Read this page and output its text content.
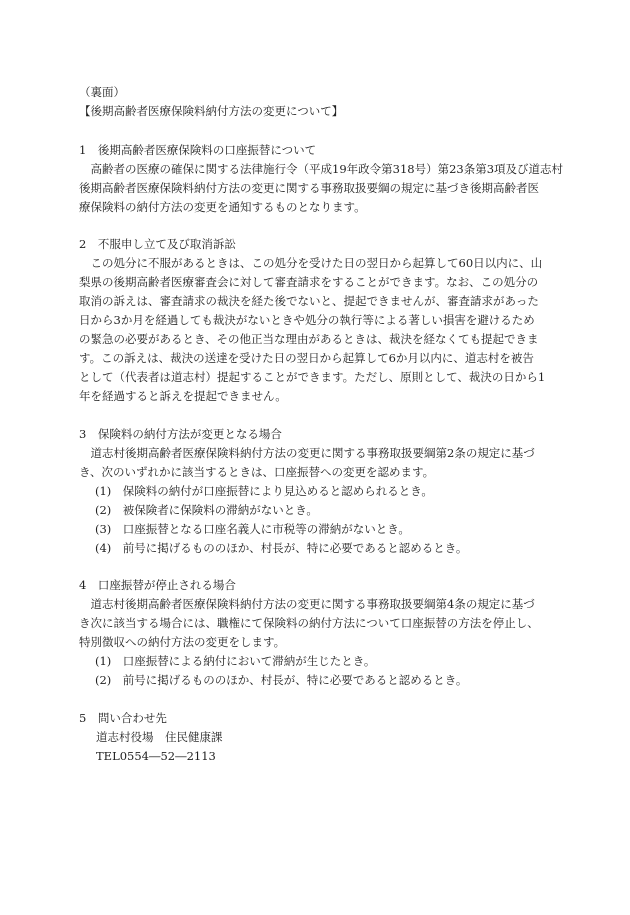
（裏面）
【後期高齢者医療保険料納付方法の変更について】
1　後期高齢者医療保険料の口座振替について
　高齢者の医療の確保に関する法律施行令（平成19年政令第318号）第23条第3項及び道志村
後期高齢者医療保険料納付方法の変更に関する事務取扱要綱の規定に基づき後期高齢者医
療保険料の納付方法の変更を通知するものとなります。
2　不服申し立て及び取消訴訟
　この処分に不服があるときは、この処分を受けた日の翌日から起算して60日以内に、山
梨県の後期高齢者医療審査会に対して審査請求をすることができます。なお、この処分の
取消の訴えは、審査請求の裁決を経た後でないと、提起できませんが、審査請求があった
日から3か月を経過しても裁決がないときや処分の執行等による著しい損害を避けるため
の緊急の必要があるとき、その他正当な理由があるときは、裁決を経なくても提起できま
す。この訴えは、裁決の送達を受けた日の翌日から起算して6か月以内に、道志村を被告
として（代表者は道志村）提起することができます。ただし、原則として、裁決の日から1
年を経過すると訴えを提起できません。
3　保険料の納付方法が変更となる場合
　道志村後期高齢者医療保険料納付方法の変更に関する事務取扱要綱第2条の規定に基づ
き、次のいずれかに該当するときは、口座振替への変更を認めます。
(1)　保険料の納付が口座振替により見込めると認められるとき。
(2)　被保険者に保険料の滞納がないとき。
(3)　口座振替となる口座名義人に市税等の滞納がないとき。
(4)　前号に掲げるもののほか、村長が、特に必要であると認めるとき。
4　口座振替が停止される場合
　道志村後期高齢者医療保険料納付方法の変更に関する事務取扱要綱第4条の規定に基づ
き次に該当する場合には、職権にて保険料の納付方法について口座振替の方法を停止し、
特別徴収への納付方法の変更をします。
(1)　口座振替による納付において滞納が生じたとき。
(2)　前号に掲げるもののほか、村長が、特に必要であると認めるとき。
5　問い合わせ先
道志村役場　住民健康課
TEL0554―52―2113
